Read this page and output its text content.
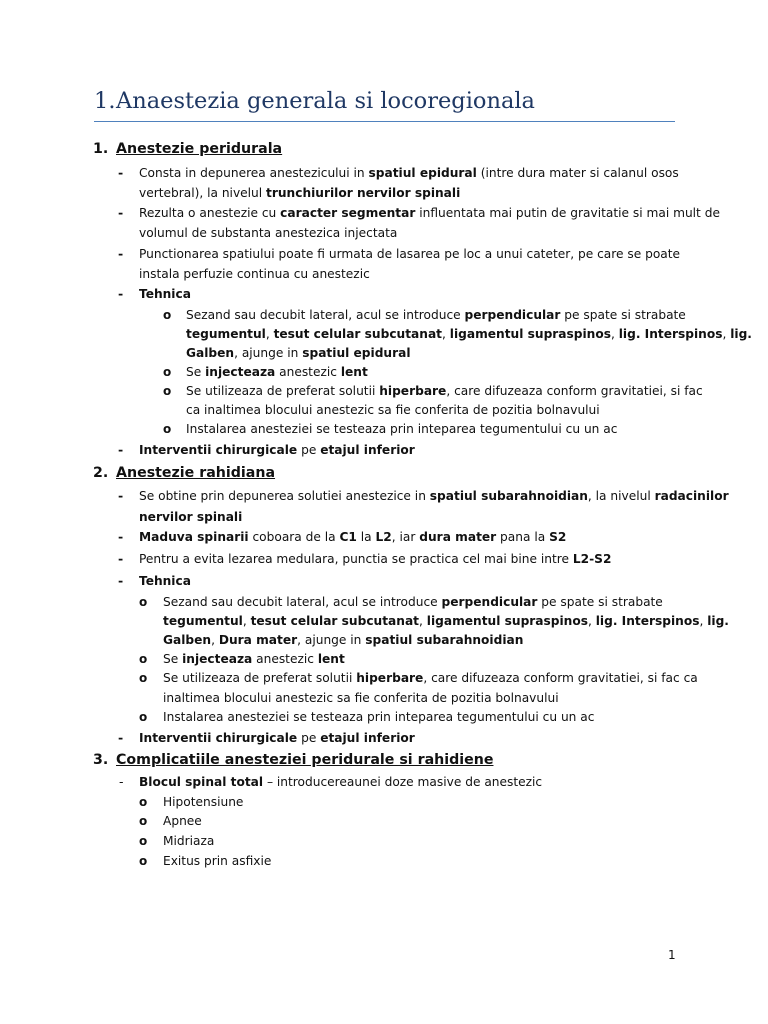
1.Anaestezia generala si locoregionala
1. Anestezie peridurala
2. Anestezie rahidiana
3. Complicatiile anesteziei peridurale si rahidiene
-
-
-
-
-
-
-
-
-
-
-
o
o
o
o
o
o
o
o
o
o
o
o
Consta in depunerea anestezicului in spatiul epidural (intre dura mater si calanul osos
vertebral), la nivelul trunchiurilor nervilor spinali
Rezulta o anestezie cu caracter segmentar influentata mai putin de gravitatie si mai mult de
volumul de substanta anestezica injectata
Punctionarea spatiului poate fi urmata de lasarea pe loc a unui cateter, pe care se poate
instala perfuzie continua cu anestezic
Tehnica
Sezand sau decubit lateral, acul se introduce perpendicular pe spate si strabate
tegumentul, tesut celular subcutanat, ligamentul supraspinos, lig. Interspinos, lig.
Galben, ajunge in spatiul epidural
Se injecteaza anestezic lent
Se utilizeaza de preferat solutii hiperbare, care difuzeaza conform gravitatiei, si fac
ca inaltimea blocului anestezic sa fie conferita de pozitia bolnavului
Instalarea anesteziei se testeaza prin inteparea tegumentului cu un ac
Interventii chirurgicale pe etajul inferior
Se obtine prin depunerea solutiei anestezice in spatiul subarahnoidian, la nivelul radacinilor
nervilor spinali
Maduva spinarii coboara de la C1 la L2, iar dura mater pana la S2
Pentru a evita lezarea medulara, punctia se practica cel mai bine intre L2-S2
Tehnica
Sezand sau decubit lateral, acul se introduce perpendicular pe spate si strabate
tegumentul, tesut celular subcutanat, ligamentul supraspinos, lig. Interspinos, lig.
Galben, Dura mater, ajunge in spatiul subarahnoidian
Se injecteaza anestezic lent
Se utilizeaza de preferat solutii hiperbare, care difuzeaza conform gravitatiei, si fac ca
inaltimea blocului anestezic sa fie conferita de pozitia bolnavului
Instalarea anesteziei se testeaza prin inteparea tegumentului cu un ac
Interventii chirurgicale pe etajul inferior
Blocul spinal total – introducereaunei doze masive de anestezic
Hipotensiune
Apnee
Midriaza
Exitus prin asfixie
1
